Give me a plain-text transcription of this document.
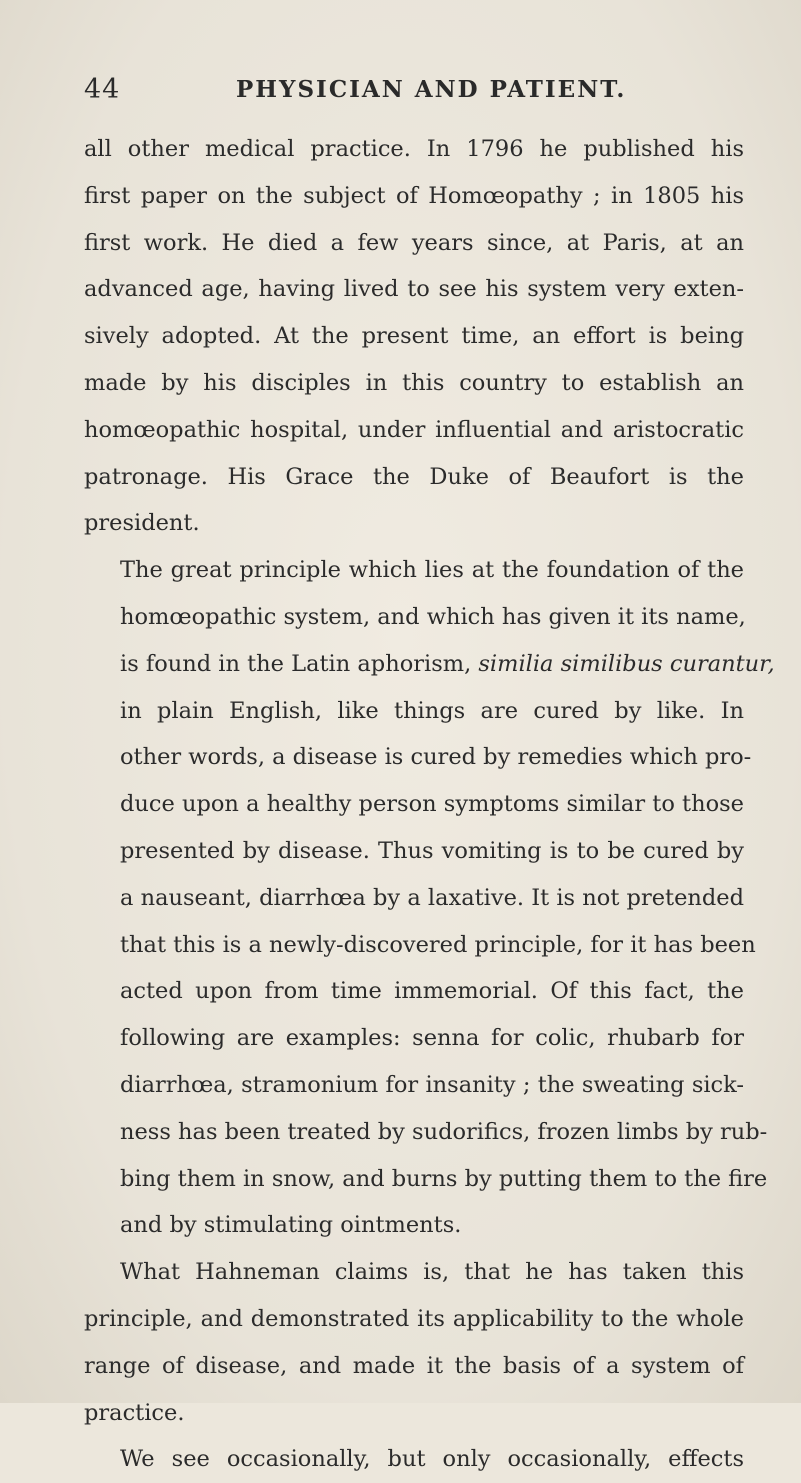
44	PHYSICIAN AND PATIENT.
all other medical practice. In 1796 he published his
first paper on the subject of Homœopathy ; in 1805 his
first work. He died a few years since, at Paris, at an
advanced age, having lived to see his system very exten-
sively adopted. At the present time, an effort is being
made by his disciples in this country to establish an
homœopathic hospital, under influential and aristocratic
patronage. His Grace the Duke of Beaufort is the
president.
The great principle which lies at the foundation of the
homœopathic system, and which has given it its name,
is found in the Latin aphorism, similia similibus curantur,
in plain English, like things are cured by like. In
other words, a disease is cured by remedies which pro-
duce upon a healthy person symptoms similar to those
presented by disease. Thus vomiting is to be cured by
a nauseant, diarrhœa by a laxative. It is not pretended
that this is a newly-discovered principle, for it has been
acted upon from time immemorial. Of this fact, the
following are examples: senna for colic, rhubarb for
diarrhœa, stramonium for insanity ; the sweating sick-
ness has been treated by sudorifics, frozen limbs by rub-
bing them in snow, and burns by putting them to the fire
and by stimulating ointments.
What Hahneman claims is, that he has taken this
principle, and demonstrated its applicability to the whole
range of disease, and made it the basis of a system of
practice.
We see occasionally, but only occasionally, effects
